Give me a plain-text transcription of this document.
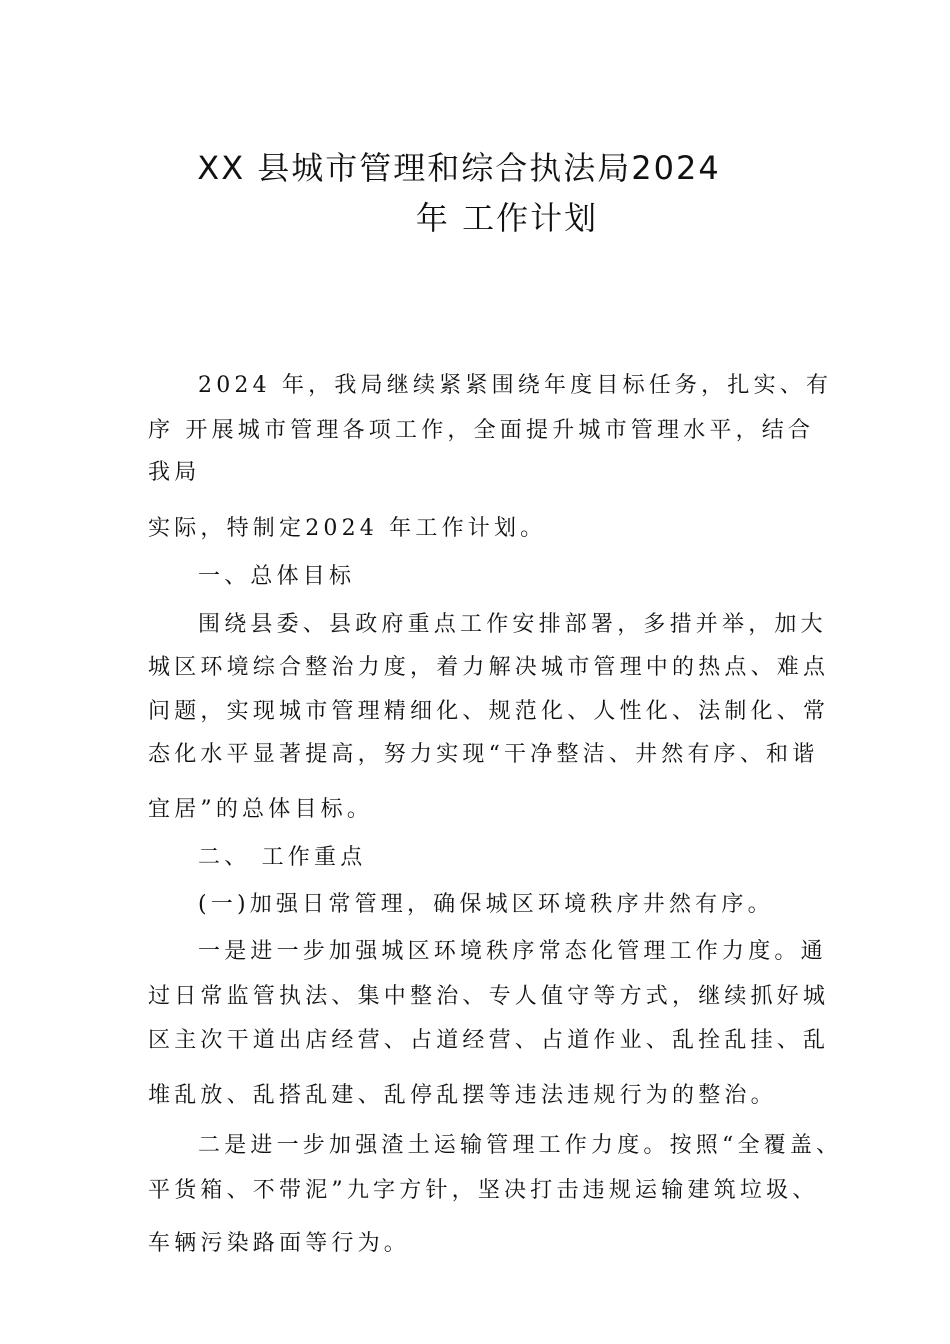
XX 县城市管理和综合执法局2024
年 工作计划
2024 年，我局继续紧紧围绕年度目标任务，扎实、有
序 开展城市管理各项工作，全面提升城市管理水平，结合
我局
实际，特制定2024 年工作计划。
一、总体目标
围绕县委、县政府重点工作安排部署，多措并举，加大
城区环境综合整治力度，着力解决城市管理中的热点、难点
问题，实现城市管理精细化、规范化、人性化、法制化、常
态化水平显著提高，努力实现“干净整洁、井然有序、和谐
宜居”的总体目标。
二、 工作重点
(一)加强日常管理，确保城区环境秩序井然有序。
一是进一步加强城区环境秩序常态化管理工作力度。通
过日常监管执法、集中整治、专人值守等方式，继续抓好城
区主次干道出店经营、占道经营、占道作业、乱拴乱挂、乱
堆乱放、乱搭乱建、乱停乱摆等违法违规行为的整治。
二是进一步加强渣土运输管理工作力度。按照“全覆盖、
平货箱、不带泥”九字方针，坚决打击违规运输建筑垃圾、
车辆污染路面等行为。
